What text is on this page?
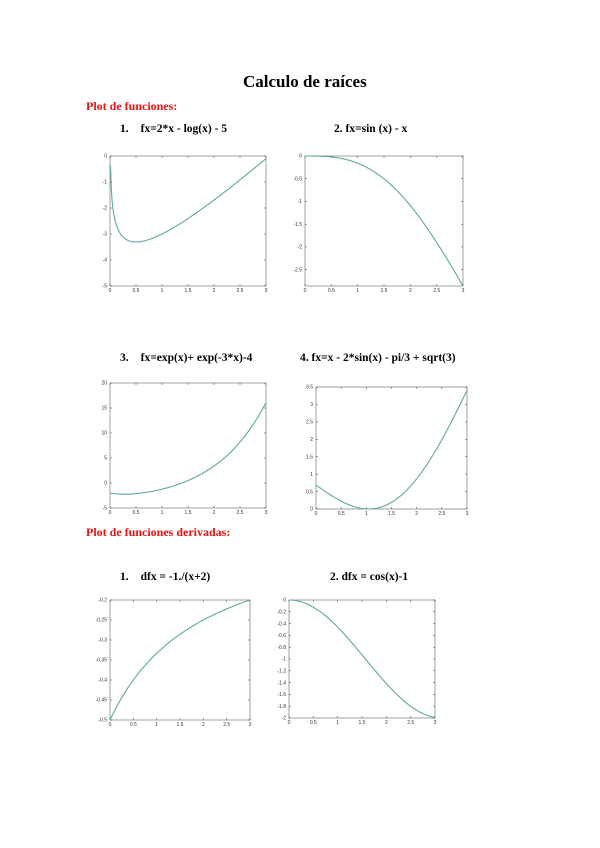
Calculo de raíces
Plot de funciones:
1. fx=2*x - log(x) - 5	2. fx=sin (x) - x
0	0.5	1	1.5	2	2.5	3
-5
-4
-3
-2
-1
0
0	0.5	1	1.5	2	2.5	3
0
-0.5
-1
-1.5
-2
-2.5
3. fx=exp(x)+ exp(-3*x)-4	4. fx=x - 2*sin(x) - pi/3 + sqrt(3)
0	0.5	1	1.5	2	2.5	3
-5
0
5
10
15
20
0	0.5	1	1.5	2	2.5	3
0
0.5
1
1.5
2
2.5
3
3.5
Plot de funciones derivadas:
1. dfx = -1./(x+2)	2. dfx = cos(x)-1
0	0.5	1	1.5	2	2.5	3
-0.5
-0.45
-0.4
-0.35
-0.3
-0.25
-0.2
0	0.5	1	1.5	2	2.5	3
-2
-1.8
-1.6
-1.4
-1.2
-1
-0.8
-0.6
-0.4
-0.2
0
